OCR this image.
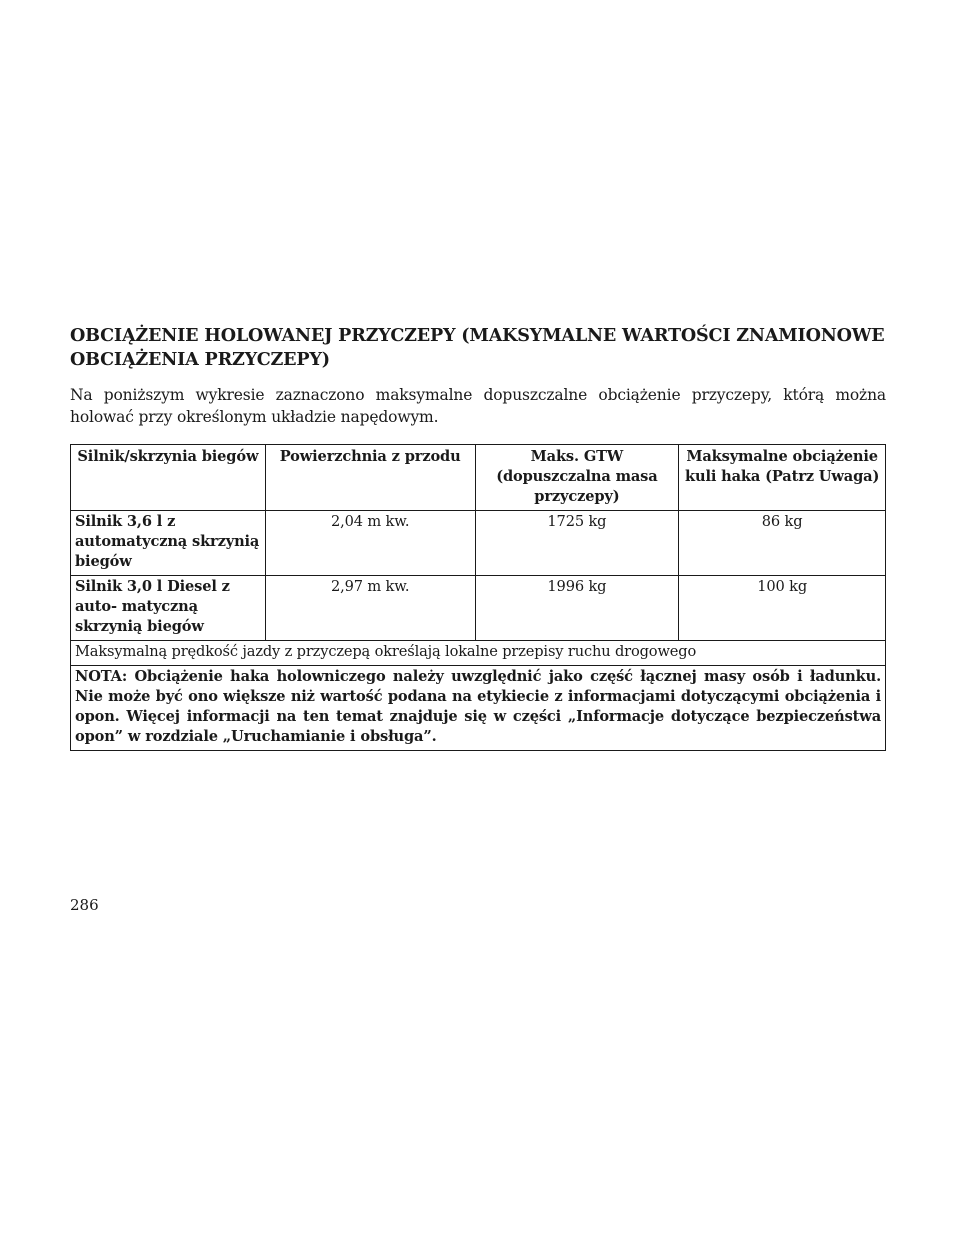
OBCIĄŻENIE HOLOWANEJ PRZYCZEPY (MAKSYMALNE WARTOŚCI ZNAMIONOWE OBCIĄŻENIA PRZYCZEPY)

Na poniższym wykresie zaznaczono maksymalne dopuszczalne obciążenie przyczepy, którą można holować przy określonym układzie napędowym.

Silnik/skrzynia biegów	Powierzchnia z przodu	Maks. GTW (dopuszczalna masa przyczepy)	Maksymalne obciążenie kuli haka (Patrz Uwaga)
Silnik 3,6 l z automatyczną skrzynią biegów	2,04 m kw.	1725 kg	86 kg
Silnik 3,0 l Diesel z auto- matyczną skrzynią biegów	2,97 m kw.	1996 kg	100 kg
Maksymalną prędkość jazdy z przyczepą określają lokalne przepisy ruchu drogowego			
NOTA: Obciążenie haka holowniczego należy uwzględnić jako część łącznej masy osób i ładunku. Nie może być ono większe niż wartość podana na etykiecie z informacjami dotyczącymi obciążenia i opon. Więcej informacji na ten temat znajduje się w części „Informacje dotyczące bezpieczeństwa opon” w rozdziale „Uruchamianie i obsługa”.			
286
